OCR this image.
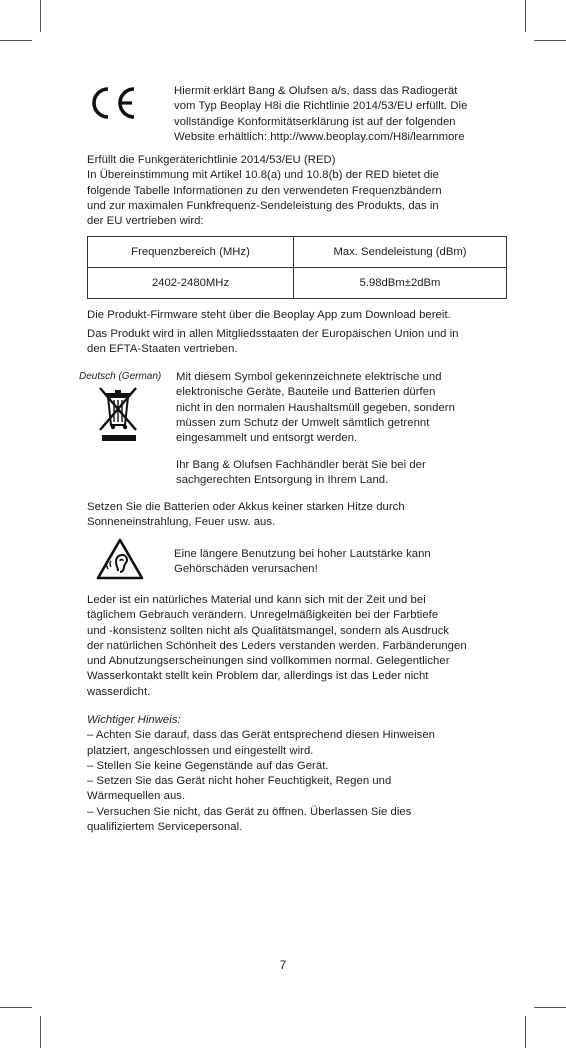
Hiermit erklärt Bang & Olufsen a/s, dass das Radiogerät

vom Typ Beoplay H8i die Richtlinie 2014/53/EU erfüllt. Die

vollständige Konformitätserklärung ist auf der folgenden

Website erhältlich: http://www.beoplay.com/H8i/learnmore

Erfüllt die Funkgeräterichtlinie 2014/53/EU (RED)

In Übereinstimmung mit Artikel 10.8(a) und 10.8(b) der RED bietet die

folgende Tabelle Informationen zu den verwendeten Frequenzbändern

und zur maximalen Funkfrequenz-Sendeleistung des Produkts, das in

der EU vertrieben wird:

Frequenzbereich (MHz)	Max. Sendeleistung (dBm)
2402-2480MHz	5.98dBm±2dBm
Die Produkt-Firmware steht über die Beoplay App zum Download bereit.

Das Produkt wird in allen Mitgliedsstaaten der Europäischen Union und in

den EFTA-Staaten vertrieben.

Deutsch (German) Mit diesem Symbol gekennzeichnete elektrische und

elektronische Geräte, Bauteile und Batterien dürfen

nicht in den normalen Haushaltsmüll gegeben, sondern

müssen zum Schutz der Umwelt sämtlich getrennt

eingesammelt und entsorgt werden.

Ihr Bang & Olufsen Fachhändler berät Sie bei der

sachgerechten Entsorgung in Ihrem Land.

Setzen Sie die Batterien oder Akkus keiner starken Hitze durch

Sonneneinstrahlung, Feuer usw. aus.

Eine längere Benutzung bei hoher Lautstärke kann

Gehörschäden verursachen!

Leder ist ein natürliches Material und kann sich mit der Zeit und bei

täglichem Gebrauch verändern. Unregelmäßigkeiten bei der Farbtiefe

und -konsistenz sollten nicht als Qualitätsmangel, sondern als Ausdruck

der natürlichen Schönheit des Leders verstanden werden. Farbänderungen

und Abnutzungserscheinungen sind vollkommen normal. Gelegentlicher

Wasserkontakt stellt kein Problem dar, allerdings ist das Leder nicht

wasserdicht.

Wichtiger Hinweis:

– Achten Sie darauf, dass das Gerät entsprechend diesen Hinweisen

platziert, angeschlossen und eingestellt wird.

– Stellen Sie keine Gegenstände auf das Gerät.

– Setzen Sie das Gerät nicht hoher Feuchtigkeit, Regen und

Wärmequellen aus.

– Versuchen Sie nicht, das Gerät zu öffnen. Überlassen Sie dies

qualifiziertem Servicepersonal.

7
